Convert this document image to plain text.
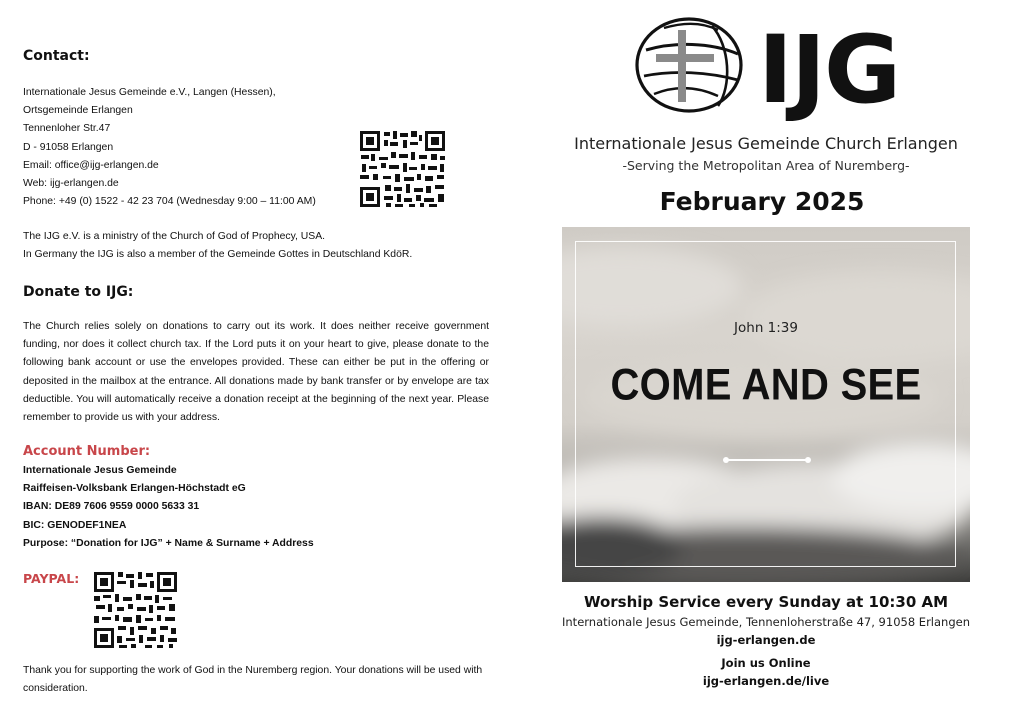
Contact:
Internationale Jesus Gemeinde e.V., Langen (Hessen),
Ortsgemeinde Erlangen
Tennenloher Str.47
D - 91058 Erlangen
Email: office@ijg-erlangen.de
Web: ijg-erlangen.de
Phone: +49 (0) 1522 - 42 23 704 (Wednesday 9:00 – 11:00 AM)
The IJG e.V. is a ministry of the Church of God of Prophecy, USA.
In Germany the IJG is also a member of the Gemeinde Gottes in Deutschland KdöR.
Donate to IJG:

The Church relies solely on donations to carry out its work. It does neither receive government funding, nor does it collect church tax. If the Lord puts it on your heart to give, please donate to the following bank account or use the envelopes provided. These can either be put in the offering or deposited in the mailbox at the entrance. All donations made by bank transfer or by envelope are tax deductible. You will automatically receive a donation receipt at the beginning of the next year. Please remember to provide us with your address.

Account Number:
Internationale Jesus Gemeinde
Raiffeisen-Volksbank Erlangen-Höchstadt eG
IBAN: DE89 7606 9559 0000 5633 31
BIC: GENODEF1NEA
Purpose: “Donation for IJG” + Name & Surname + Address
PAYPAL:
Thank you for supporting the work of God in the Nuremberg region. Your donations will be used with
consideration.
IJG
Internationale Jesus Gemeinde Church Erlangen
-Serving the Metropolitan Area of Nuremberg-
February 2025
John 1:39
COME AND SEE
Worship Service every Sunday at 10:30 AM
Internationale Jesus Gemeinde, Tennenloherstraße 47, 91058 Erlangen
ijg-erlangen.de
Join us Online
ijg-erlangen.de/live
